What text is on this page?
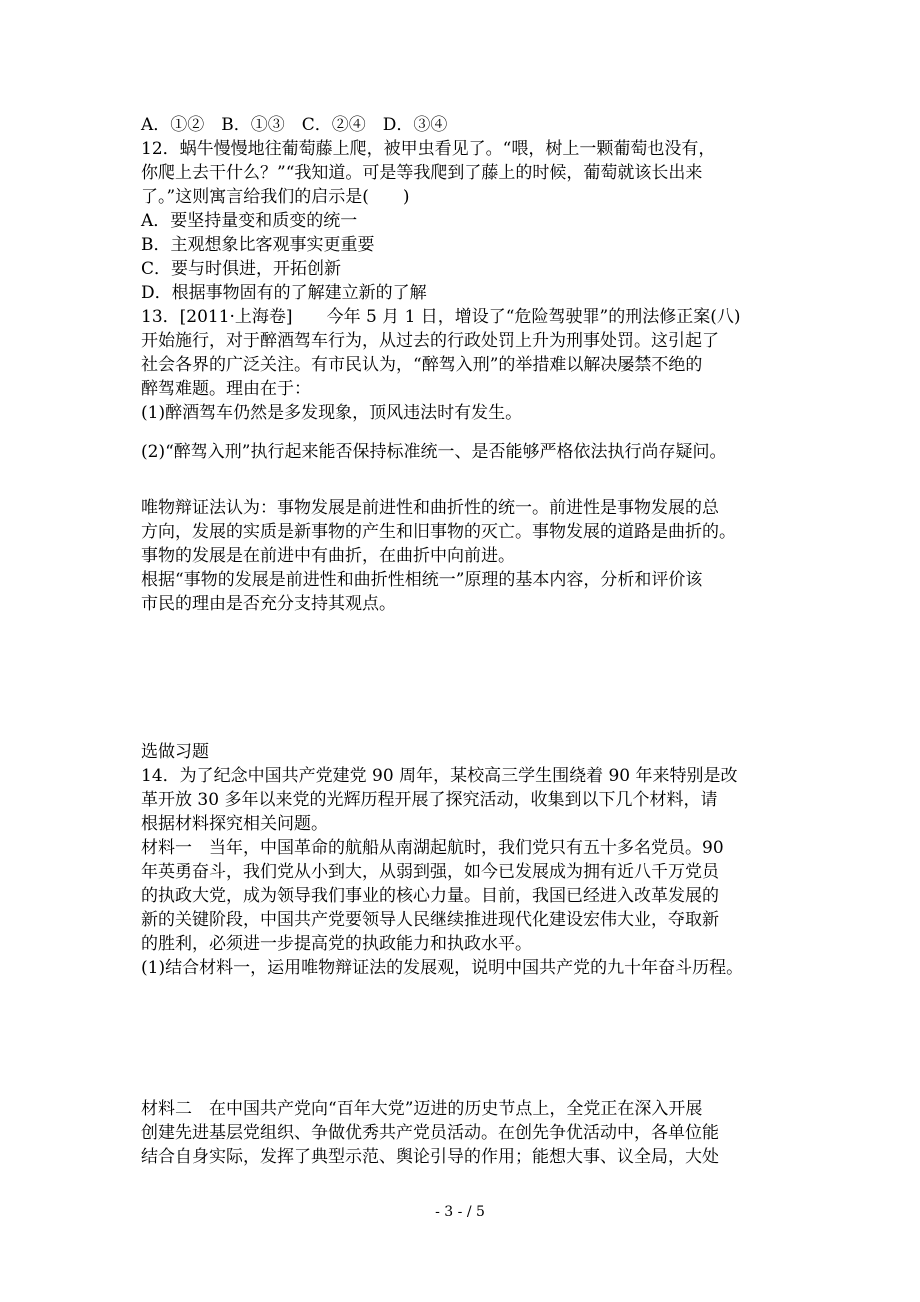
A．①②　B．①③　C．②④　D．③④
12．蜗牛慢慢地往葡萄藤上爬，被甲虫看见了。“喂，树上一颗葡萄也没有，
你爬上去干什么？”“我知道。可是等我爬到了藤上的时候，葡萄就该长出来
了。”这则寓言给我们的启示是(　　)
A．要坚持量变和质变的统一
B．主观想象比客观事实更重要
C．要与时俱进，开拓创新
D．根据事物固有的了解建立新的了解
13．[2011·上海卷]　　今年 5 月 1 日，增设了“危险驾驶罪”的刑法修正案(八)
开始施行，对于醉酒驾车行为，从过去的行政处罚上升为刑事处罚。这引起了
社会各界的广泛关注。有市民认为，“醉驾入刑”的举措难以解决屡禁不绝的
醉驾难题。理由在于：
(1)醉酒驾车仍然是多发现象，顶风违法时有发生。
(2)“醉驾入刑”执行起来能否保持标准统一、是否能够严格依法执行尚存疑问。
唯物辩证法认为：事物发展是前进性和曲折性的统一。前进性是事物发展的总
方向，发展的实质是新事物的产生和旧事物的灭亡。事物发展的道路是曲折的。
事物的发展是在前进中有曲折，在曲折中向前进。
根据“事物的发展是前进性和曲折性相统一”原理的基本内容，分析和评价该
市民的理由是否充分支持其观点。
选做习题
14．为了纪念中国共产党建党 90 周年，某校高三学生围绕着 90 年来特别是改
革开放 30 多年以来党的光辉历程开展了探究活动，收集到以下几个材料，请
根据材料探究相关问题。
材料一　当年，中国革命的航船从南湖起航时，我们党只有五十多名党员。90
年英勇奋斗，我们党从小到大，从弱到强，如今已发展成为拥有近八千万党员
的执政大党，成为领导我们事业的核心力量。目前，我国已经进入改革发展的
新的关键阶段，中国共产党要领导人民继续推进现代化建设宏伟大业，夺取新
的胜利，必须进一步提高党的执政能力和执政水平。
(1)结合材料一，运用唯物辩证法的发展观，说明中国共产党的九十年奋斗历程。
材料二　在中国共产党向“百年大党”迈进的历史节点上，全党正在深入开展
创建先进基层党组织、争做优秀共产党员活动。在创先争优活动中，各单位能
结合自身实际，发挥了典型示范、舆论引导的作用；能想大事、议全局，大处
- 3 - / 5
